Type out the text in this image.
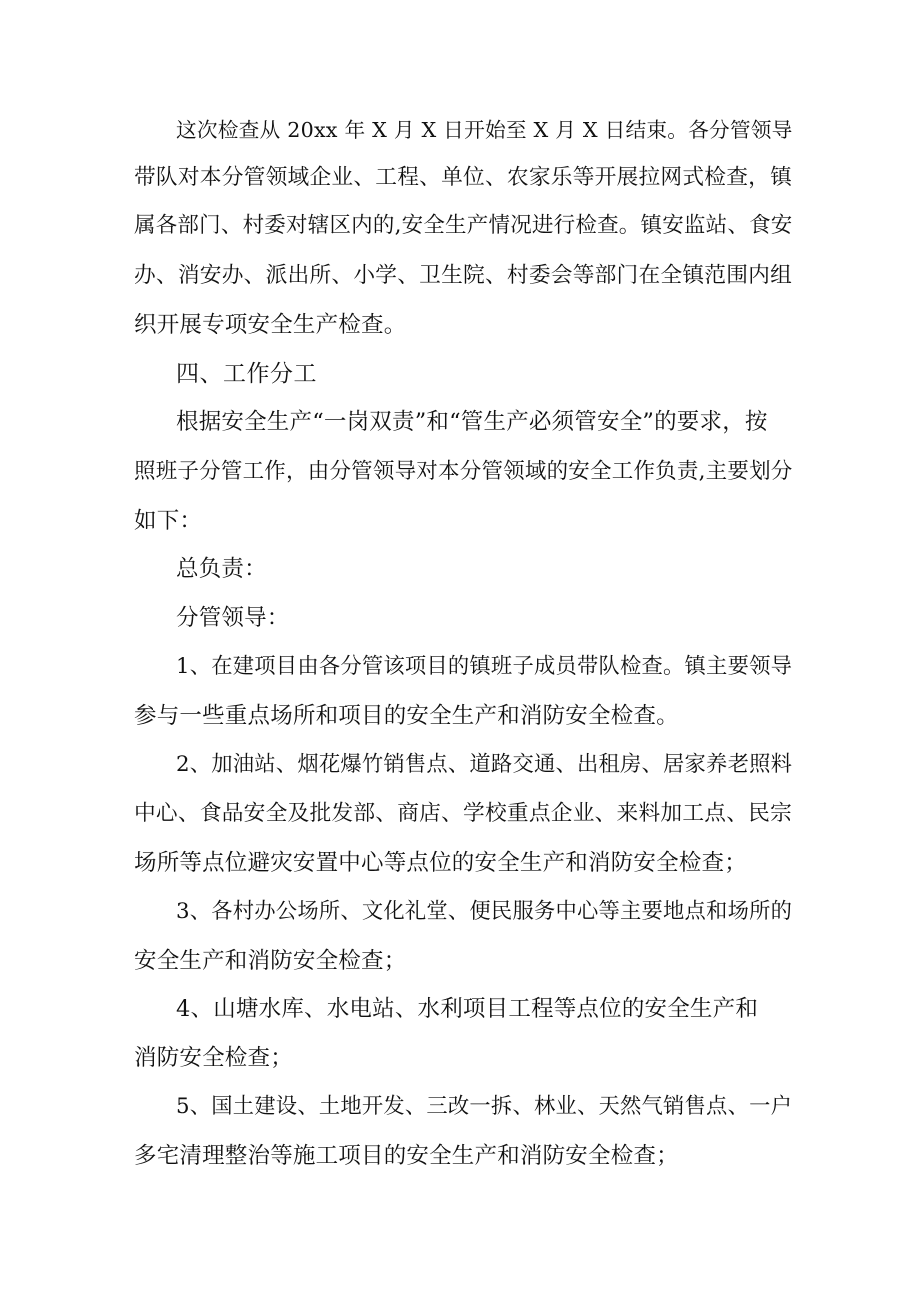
这次检查从 20xx 年 X 月 X 日开始至 X 月 X 日结束。各分管领导

带队对本分管领域企业、工程、单位、农家乐等开展拉网式检查，镇

属各部门、村委对辖区内的,安全生产情况进行检查。镇安监站、食安

办、消安办、派出所、小学、卫生院、村委会等部门在全镇范围内组

织开展专项安全生产检查。

四、工作分工

根据安全生产“一岗双责”和“管生产必须管安全”的要求，按

照班子分管工作，由分管领导对本分管领域的安全工作负责,主要划分

如下：

总负责：

分管领导：

1、在建项目由各分管该项目的镇班子成员带队检查。镇主要领导

参与一些重点场所和项目的安全生产和消防安全检查。

2、加油站、烟花爆竹销售点、道路交通、出租房、居家养老照料

中心、食品安全及批发部、商店、学校重点企业、来料加工点、民宗

场所等点位避灾安置中心等点位的安全生产和消防安全检查；

3、各村办公场所、文化礼堂、便民服务中心等主要地点和场所的

安全生产和消防安全检查；

4、山塘水库、水电站、水利项目工程等点位的安全生产和

消防安全检查；

5、国土建设、土地开发、三改一拆、林业、天然气销售点、一户

多宅清理整治等施工项目的安全生产和消防安全检查；
